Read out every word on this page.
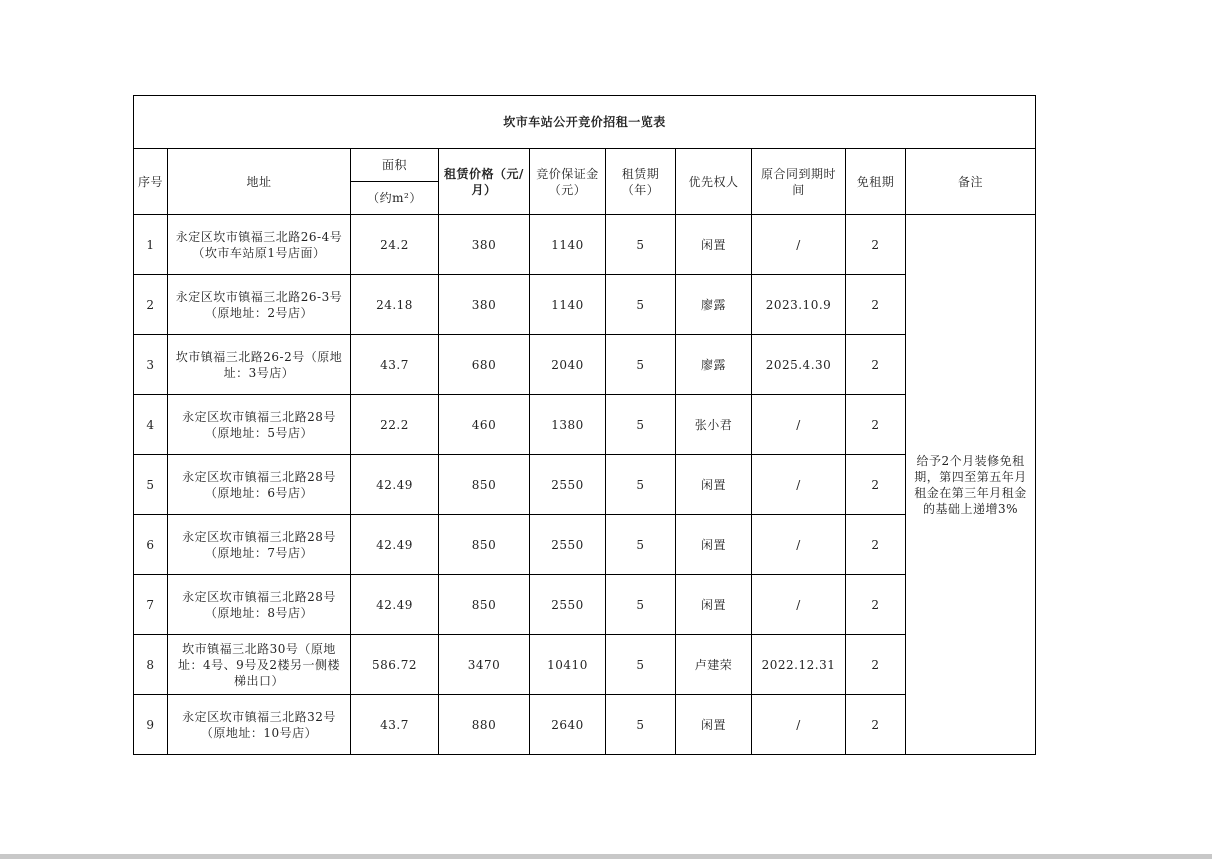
坎市车站公开竞价招租一览表									
序号	地址	面积	租赁价格（元/月）	竞价保证金（元）	租赁期（年）	优先权人	原合同到期时间	免租期	备注
		（约m²）							
1	永定区坎市镇福三北路26-4号（坎市车站原1号店面）	24.2	380	1140	5	闲置	/	2	给予2个月装修免租期，第四至第五年月租金在第三年月租金的基础上递增3%
2	永定区坎市镇福三北路26-3号（原地址：2号店）	24.18	380	1140	5	廖露	2023.10.9	2	
3	坎市镇福三北路26-2号（原地址：3号店）	43.7	680	2040	5	廖露	2025.4.30	2	
4	永定区坎市镇福三北路28号（原地址：5号店）	22.2	460	1380	5	张小君	/	2	
5	永定区坎市镇福三北路28号（原地址：6号店）	42.49	850	2550	5	闲置	/	2	
6	永定区坎市镇福三北路28号（原地址：7号店）	42.49	850	2550	5	闲置	/	2	
7	永定区坎市镇福三北路28号（原地址：8号店）	42.49	850	2550	5	闲置	/	2	
8	坎市镇福三北路30号（原地址：4号、9号及2楼另一侧楼梯出口）	586.72	3470	10410	5	卢建荣	2022.12.31	2	
9	永定区坎市镇福三北路32号（原地址：10号店）	43.7	880	2640	5	闲置	/	2	
